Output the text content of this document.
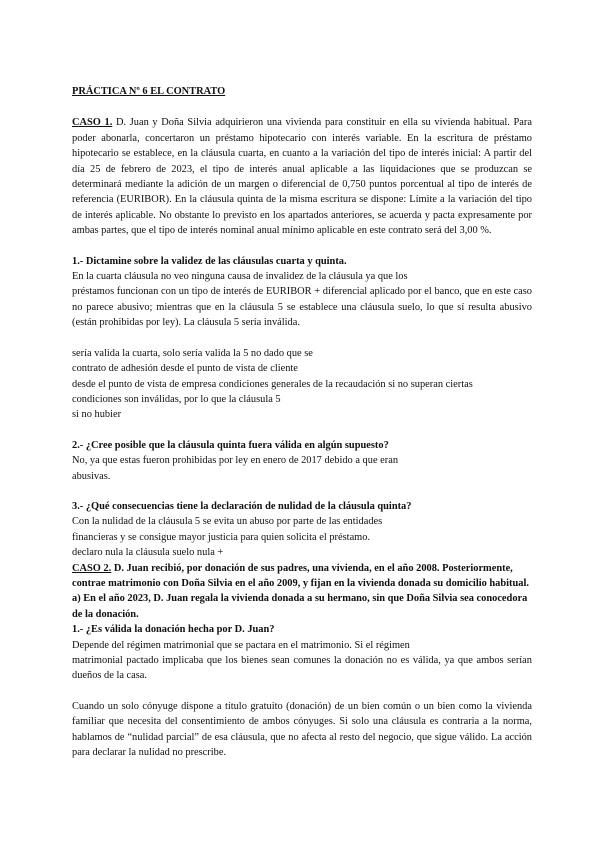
PRÁCTICA Nº 6 EL CONTRATO
CASO 1. D. Juan y Doña Silvia adquirieron una vivienda para constituir en ella su vivienda habitual. Para poder abonarla, concertaron un préstamo hipotecario con interés variable. En la escritura de préstamo hipotecario se establece, en la cláusula cuarta, en cuanto a la variación del tipo de interés inicial: A partir del día 25 de febrero de 2023, el tipo de interés anual aplicable a las liquidaciones que se produzcan se determinará mediante la adición de un margen o diferencial de 0,750 puntos porcentual al tipo de interés de referencia (EURIBOR). En la cláusula quinta de la misma escritura se dispone: Límite a la variación del tipo de interés aplicable. No obstante lo previsto en los apartados anteriores, se acuerda y pacta expresamente por ambas partes, que el tipo de interés nominal anual mínimo aplicable en este contrato será del 3,00 %.
1.- Dictamine sobre la validez de las cláusulas cuarta y quinta.
En la cuarta cláusula no veo ninguna causa de invalidez de la cláusula ya que los
préstamos funcionan con un tipo de interés de EURIBOR + diferencial aplicado por el banco, que en este caso no parece abusivo; mientras que en la cláusula 5 se establece una cláusula suelo, lo que sí resulta abusivo (están prohibidas por ley). La cláusula 5 sería inválida.
sería valida la cuarta, solo sería valida la 5 no dado que se
contrato de adhesión desde el punto de vista de cliente
desde el punto de vista de empresa condiciones generales de la recaudación si no superan ciertas
condiciones son inválidas, por lo que la cláusula 5
si no hubier
2.- ¿Cree posible que la cláusula quinta fuera válida en algún supuesto?
No, ya que estas fueron prohibidas por ley en enero de 2017 debido a que eran
abusivas.
3.- ¿Qué consecuencias tiene la declaración de nulidad de la cláusula quinta?
Con la nulidad de la cláusula 5 se evita un abuso por parte de las entidades
financieras y se consigue mayor justicia para quien solicita el préstamo.
declaro nula la cláusula suelo nula +
CASO 2. D. Juan recibió, por donación de sus padres, una vivienda, en el año 2008. Posteriormente, contrae matrimonio con Doña Silvia en el año 2009, y fijan en la vivienda donada su domicilio habitual.
a) En el año 2023, D. Juan regala la vivienda donada a su hermano, sin que Doña Silvia sea conocedora de la donación.
1.- ¿Es válida la donación hecha por D. Juan?
Depende del régimen matrimonial que se pactara en el matrimonio. Si el régimen
matrimonial pactado implicaba que los bienes sean comunes la donación no es válida, ya que ambos serían dueños de la casa.
Cuando un solo cónyuge dispone a título gratuito (donación) de un bien común o un bien como la vivienda familiar que necesita del consentimiento de ambos cónyuges. Si solo una cláusula es contraria a la norma, hablamos de “nulidad parcial” de esa cláusula, que no afecta al resto del negocio, que sigue válido. La acción para declarar la nulidad no prescribe.
